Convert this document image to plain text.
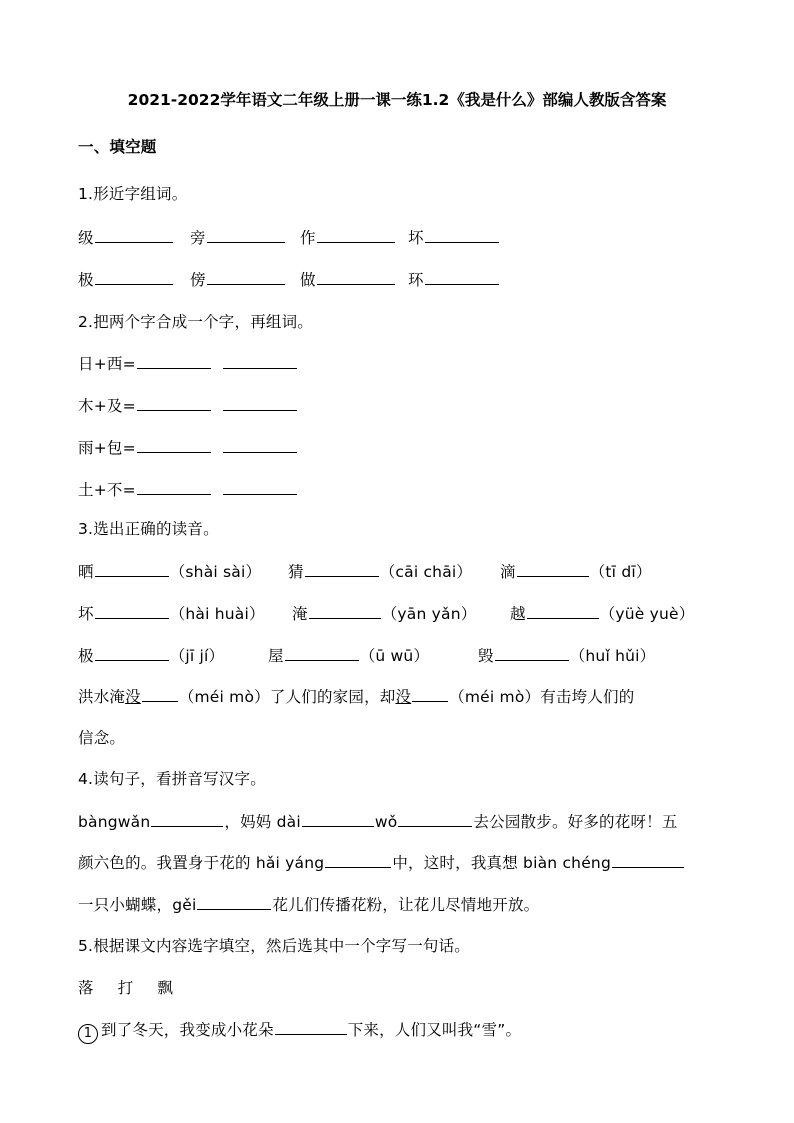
2021-2022学年语文二年级上册一课一练1.2《我是什么》部编人教版含答案
一、填空题
1.形近字组词。
级	旁	作	坏
极	傍	做	环
2.把两个字合成一个字，再组词。
日+西=
木+及=
雨+包=
土+不=
3.选出正确的读音。
晒	（shài sài） 猜	（cāi chāi） 滴	（tī dī）
坏	（hài huài） 淹	（yān yǎn） 越	（yüè yuè）
极	（jī jí）	屋	（ū wū）	毁	（huǐ hǔi）
洪水淹没 （méi mò）了人们的家园，却没 （méi mò）有击垮人们的
信念。
4.读句子，看拼音写汉字。
bàngwǎn	，妈妈 dài	wǒ	去公园散步。好多的花呀！五
颜六色的。我置身于花的 hǎi yáng	中，这时，我真想 biàn chéng
一只小蝴蝶，gěi	花儿们传播花粉，让花儿尽情地开放。
5.根据课文内容选字填空，然后选其中一个字写一句话。
落 打 飘
1 到了冬天，我变成小花朵	下来，人们又叫我“雪”。
